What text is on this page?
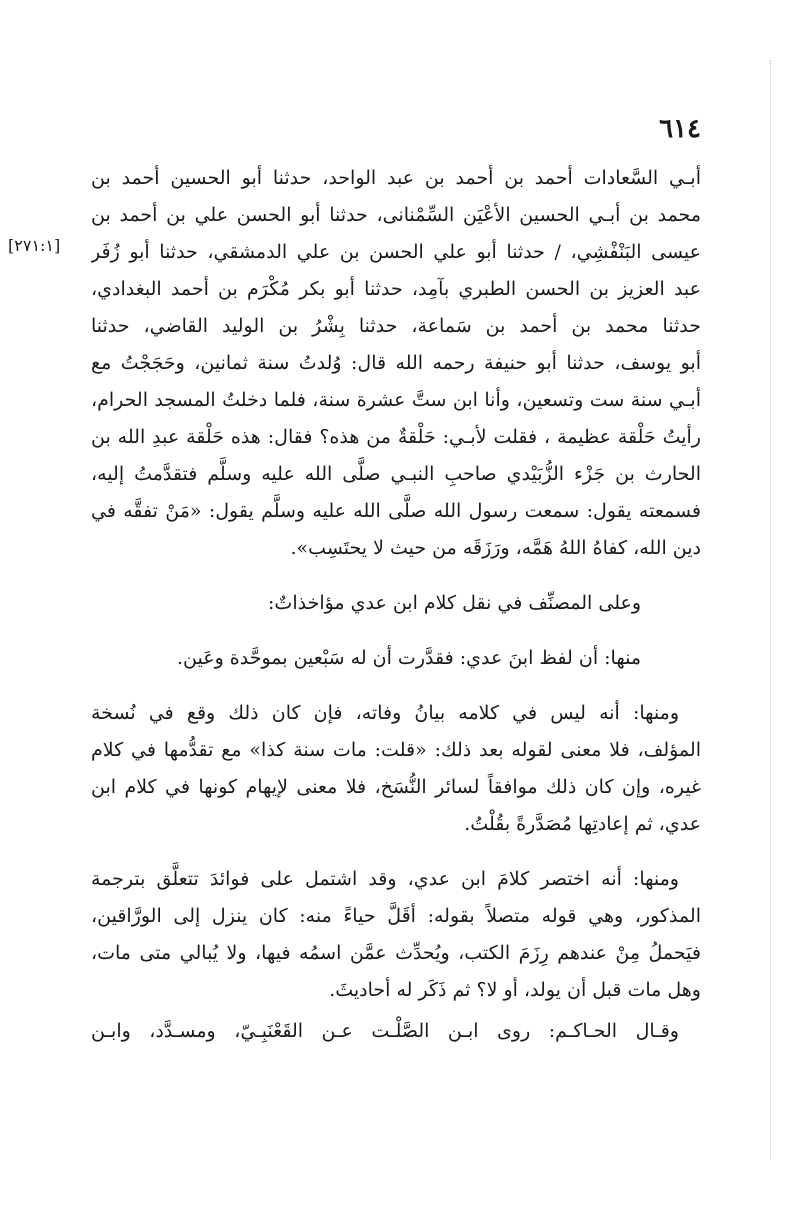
٦١٤
[٢٧١:١]
أبـي السَّعادات أحمد بن أحمد بن عبد الواحد، حدثنا أبو الحسين أحمد بن
محمد بن أبـي الحسين الأعْيَن السِّمْنانى، حدثنا أبو الحسن علي بن أحمد بن
عيسى البَنْفْشِي، / حدثنا أبو علي الحسن بن علي الدمشقي، حدثنا أبو زُفَر
عبد العزيز بن الحسن الطبري بآمِد، حدثنا أبو بكر مُكْرَم بن أحمد البغدادي،
حدثنا محمد بن أحمد بن سَماعة، حدثنا بِشْرُ بن الوليد القاضي، حدثنا
أبو يوسف، حدثنا أبو حنيفة رحمه الله قال: وُلدتُ سنة ثمانين، وحَجَجْتُ مع
أبـي سنة ست وتسعين، وأنا ابن ستَّ عشرة سنة، فلما دخلتُ المسجد الحرام،
رأيتُ حَلْقة عظيمة ، فقلت لأبـي: حَلْقةٌ من هذه؟ فقال: هذه حَلْقة عبدِ الله بن
الحارث بن جَزْء الزُّبَيْدي صاحبِ النبـي صلَّى الله عليه وسلَّم فتقدَّمتُ إليه،
فسمعته يقول: سمعت رسول الله صلَّى الله عليه وسلَّم يقول: «مَنْ تفقَّه في
دين الله، كفاهُ اللهُ هَمَّه، ورَزَقَه من حيث لا يحتَسِب».
وعلى المصنِّف في نقل كلام ابن عدي مؤاخذاتٌ:
منها: أن لفظ ابنَ عدي: فقدَّرت أن له سَبْعين بموحَّدة وعَين.
ومنها: أنه ليس في كلامه بيانُ وفاته، فإن كان ذلك وقع في نُسخة
المؤلف، فلا معنى لقوله بعد ذلك: «قلت: مات سنة كذا» مع تقدُّمها في كلام
غيره، وإن كان ذلك موافقاً لسائر النُّسَخ، فلا معنى لإيهام كونها في كلام ابن
عدي، ثم إعادتِها مُصَدَّرةً بقُلْتُ.
ومنها: أنه اختصر كلامَ ابن عدي، وقد اشتمل على فوائدَ تتعلَّق بترجمة
المذكور، وهي قوله متصلاً بقوله: أقَلَّ حياءً منه: كان ينزل إلى الورَّاقين،
فيَحملُ مِنْ عندهم رِزَمَ الكتب، ويُحدِّث عمَّن اسمُه فيها، ولا يُبالي متى مات،
وهل مات قبل أن يولد، أو لا؟ ثم ذَكَر له أحاديثَ.
وقـال الحـاكـم: روى ابـن الصَّلْـت عـن القَعْنَبِـيّ، ومسـدَّد، وابـن
